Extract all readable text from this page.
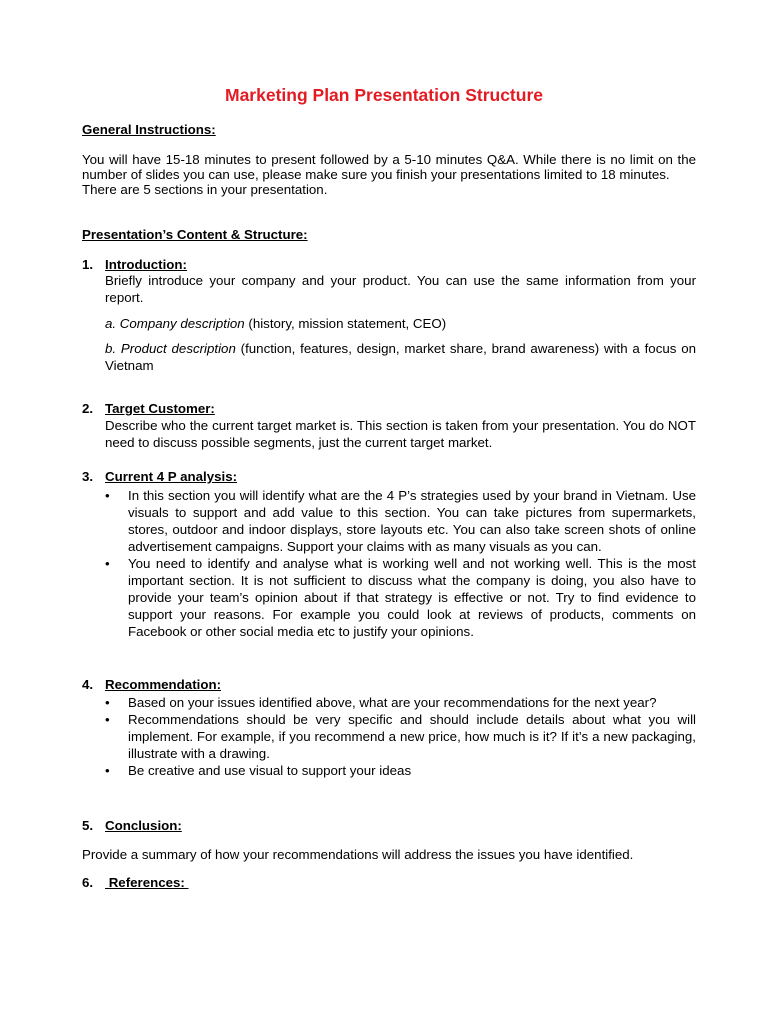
Marketing Plan Presentation Structure
General Instructions:
You will have 15-18 minutes to present followed by a 5-10 minutes Q&A. While there is no limit on the number of slides you can use, please make sure you finish your presentations limited to 18 minutes.
There are 5 sections in your presentation.
Presentation’s Content & Structure:
1. Introduction:
Briefly introduce your company and your product. You can use the same information from your report.
a. Company description (history, mission statement, CEO)
b. Product description (function, features, design, market share, brand awareness) with a focus on Vietnam
2. Target Customer:
Describe who the current target market is. This section is taken from your presentation. You do NOT need to discuss possible segments, just the current target market.
3. Current 4 P analysis:
• In this section you will identify what are the 4 P’s strategies used by your brand in Vietnam. Use visuals to support and add value to this section. You can take pictures from supermarkets, stores, outdoor and indoor displays, store layouts etc. You can also take screen shots of online advertisement campaigns. Support your claims with as many visuals as you can.
• You need to identify and analyse what is working well and not working well. This is the most important section. It is not sufficient to discuss what the company is doing, you also have to provide your team’s opinion about if that strategy is effective or not. Try to find evidence to support your reasons. For example you could look at reviews of products, comments on Facebook or other social media etc to justify your opinions.
4. Recommendation:
• Based on your issues identified above, what are your recommendations for the next year?
• Recommendations should be very specific and should include details about what you will implement. For example, if you recommend a new price, how much is it? If it’s a new packaging, illustrate with a drawing.
• Be creative and use visual to support your ideas
5. Conclusion:
Provide a summary of how your recommendations will address the issues you have identified.
6. References:
